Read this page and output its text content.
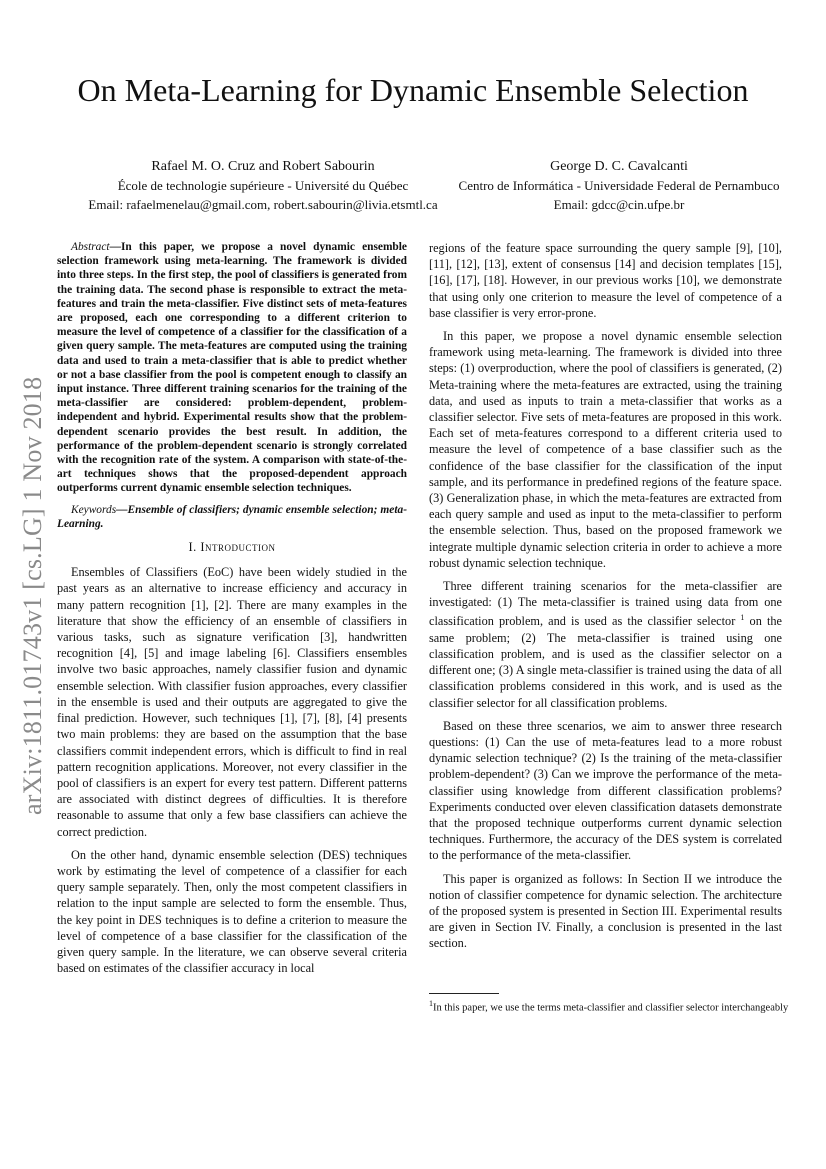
On Meta-Learning for Dynamic Ensemble Selection
arXiv:1811.01743v1 [cs.LG] 1 Nov 2018
Rafael M. O. Cruz and Robert Sabourin
École de technologie supérieure - Université du Québec
Email: rafaelmenelau@gmail.com, robert.sabourin@livia.etsmtl.ca
George D. C. Cavalcanti
Centro de Informática - Universidade Federal de Pernambuco
Email: gdcc@cin.ufpe.br

Abstract—In this paper, we propose a novel dynamic ensemble selection framework using meta-learning. The framework is divided into three steps. In the first step, the pool of classifiers is generated from the training data. The second phase is responsible to extract the meta-features and train the meta-classifier. Five distinct sets of meta-features are proposed, each one corresponding to a different criterion to measure the level of competence of a classifier for the classification of a given query sample. The meta-features are computed using the training data and used to train a meta-classifier that is able to predict whether or not a base classifier from the pool is competent enough to classify an input instance. Three different training scenarios for the training of the meta-classifier are considered: problem-dependent, problem-independent and hybrid. Experimental results show that the problem-dependent scenario provides the best result. In addition, the performance of the problem-dependent scenario is strongly correlated with the recognition rate of the system. A comparison with state-of-the-art techniques shows that the proposed-dependent approach outperforms current dynamic ensemble selection techniques.

Keywords—Ensemble of classifiers; dynamic ensemble selection; meta-Learning.

I. Introduction

Ensembles of Classifiers (EoC) have been widely studied in the past years as an alternative to increase efficiency and accuracy in many pattern recognition [1], [2]. There are many examples in the literature that show the efficiency of an ensemble of classifiers in various tasks, such as signature verification [3], handwritten recognition [4], [5] and image labeling [6]. Classifiers ensembles involve two basic approaches, namely classifier fusion and dynamic ensemble selection. With classifier fusion approaches, every classifier in the ensemble is used and their outputs are aggregated to give the final prediction. However, such techniques [1], [7], [8], [4] presents two main problems: they are based on the assumption that the base classifiers commit independent errors, which is difficult to find in real pattern recognition applications. Moreover, not every classifier in the pool of classifiers is an expert for every test pattern. Different patterns are associated with distinct degrees of difficulties. It is therefore reasonable to assume that only a few base classifiers can achieve the correct prediction.

On the other hand, dynamic ensemble selection (DES) techniques work by estimating the level of competence of a classifier for each query sample separately. Then, only the most competent classifiers in relation to the input sample are selected to form the ensemble. Thus, the key point in DES techniques is to define a criterion to measure the level of competence of a base classifier for the classification of the given query sample. In the literature, we can observe several criteria based on estimates of the classifier accuracy in local

regions of the feature space surrounding the query sample [9], [10], [11], [12], [13], extent of consensus [14] and decision templates [15], [16], [17], [18]. However, in our previous works [10], we demonstrate that using only one criterion to measure the level of competence of a base classifier is very error-prone.

In this paper, we propose a novel dynamic ensemble selection framework using meta-learning. The framework is divided into three steps: (1) overproduction, where the pool of classifiers is generated, (2) Meta-training where the meta-features are extracted, using the training data, and used as inputs to train a meta-classifier that works as a classifier selector. Five sets of meta-features are proposed in this work. Each set of meta-features correspond to a different criteria used to measure the level of competence of a base classifier such as the confidence of the base classifier for the classification of the input sample, and its performance in predefined regions of the feature space. (3) Generalization phase, in which the meta-features are extracted from each query sample and used as input to the meta-classifier to perform the ensemble selection. Thus, based on the proposed framework we integrate multiple dynamic selection criteria in order to achieve a more robust dynamic selection technique.

Three different training scenarios for the meta-classifier are investigated: (1) The meta-classifier is trained using data from one classification problem, and is used as the classifier selector $^1$ on the same problem; (2) The meta-classifier is trained using one classification problem, and is used as the classifier selector on a different one; (3) A single meta-classifier is trained using the data of all classification problems considered in this work, and is used as the classifier selector for all classification problems.

Based on these three scenarios, we aim to answer three research questions: (1) Can the use of meta-features lead to a more robust dynamic selection technique? (2) Is the training of the meta-classifier problem-dependent? (3) Can we improve the performance of the meta-classifier using knowledge from different classification problems? Experiments conducted over eleven classification datasets demonstrate that the proposed technique outperforms current dynamic selection techniques. Furthermore, the accuracy of the DES system is correlated to the performance of the meta-classifier.

This paper is organized as follows: In Section II we introduce the notion of classifier competence for dynamic selection. The architecture of the proposed system is presented in Section III. Experimental results are given in Section IV. Finally, a conclusion is presented in the last section.

$^1$In this paper, we use the terms meta-classifier and classifier selector interchangeably
